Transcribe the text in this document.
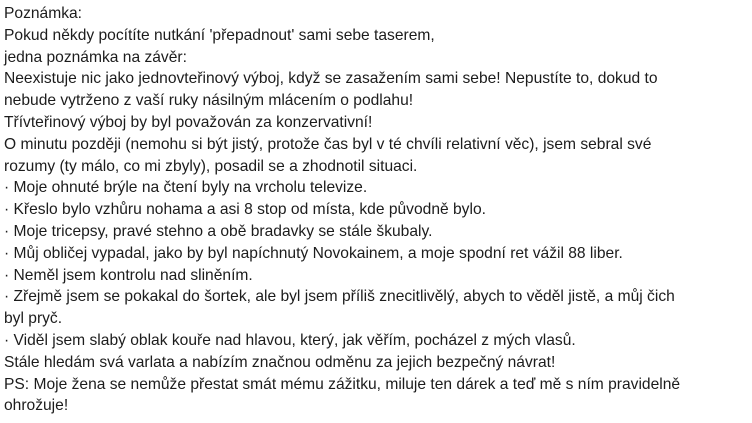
Poznámka:
Pokud někdy pocítíte nutkání 'přepadnout' sami sebe taserem,
jedna poznámka na závěr:
Neexistuje nic jako jednovteřinový výboj, když se zasažením sami sebe! Nepustíte to, dokud to
nebude vytrženo z vaší ruky násilným mlácením o podlahu!
Třívteřinový výboj by byl považován za konzervativní!
O minutu později (nemohu si být jistý, protože čas byl v té chvíli relativní věc), jsem sebral své
rozumy (ty málo, co mi zbyly), posadil se a zhodnotil situaci.
· Moje ohnuté brýle na čtení byly na vrcholu televize.
· Křeslo bylo vzhůru nohama a asi 8 stop od místa, kde původně bylo.
· Moje tricepsy, pravé stehno a obě bradavky se stále škubaly.
· Můj obličej vypadal, jako by byl napíchnutý Novokainem, a moje spodní ret vážil 88 liber.
· Neměl jsem kontrolu nad sliněním.
· Zřejmě jsem se pokakal do šortek, ale byl jsem příliš znecitlivělý, abych to věděl jistě, a můj čich
byl pryč.
· Viděl jsem slabý oblak kouře nad hlavou, který, jak věřím, pocházel z mých vlasů.
Stále hledám svá varlata a nabízím značnou odměnu za jejich bezpečný návrat!
PS: Moje žena se nemůže přestat smát mému zážitku, miluje ten dárek a teď mě s ním pravidelně
ohrožuje!
